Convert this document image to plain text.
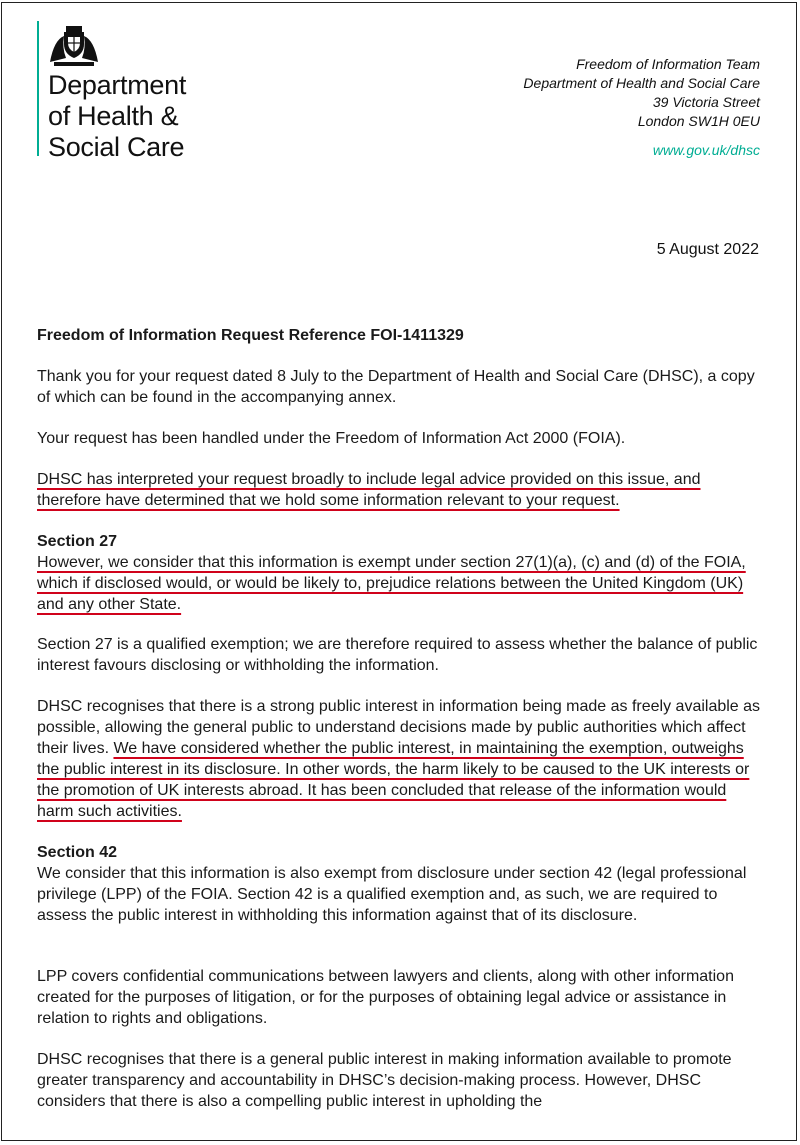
Department
of Health &
Social Care
Freedom of Information Team
Department of Health and Social Care
39 Victoria Street
London SW1H 0EU
www.gov.uk/dhsc
5 August 2022
Freedom of Information Request Reference FOI-1411329

Thank you for your request dated 8 July to the Department of Health and Social Care (DHSC), a copy of which can be found in the accompanying annex.

Your request has been handled under the Freedom of Information Act 2000 (FOIA).

DHSC has interpreted your request broadly to include legal advice provided on this issue, and therefore have determined that we hold some information relevant to your request.

Section 27

However, we consider that this information is exempt under section 27(1)(a), (c) and (d) of the FOIA, which if disclosed would, or would be likely to, prejudice relations between the United Kingdom (UK) and any other State.

Section 27 is a qualified exemption; we are therefore required to assess whether the balance of public interest favours disclosing or withholding the information.

DHSC recognises that there is a strong public interest in information being made as freely available as possible, allowing the general public to understand decisions made by public authorities which affect their lives. We have considered whether the public interest, in maintaining the exemption, outweighs the public interest in its disclosure. In other words, the harm likely to be caused to the UK interests or the promotion of UK interests abroad. It has been concluded that release of the information would harm such activities.

Section 42

We consider that this information is also exempt from disclosure under section 42 (legal professional privilege (LPP) of the FOIA. Section 42 is a qualified exemption and, as such, we are required to assess the public interest in withholding this information against that of its disclosure.

LPP covers confidential communications between lawyers and clients, along with other information created for the purposes of litigation, or for the purposes of obtaining legal advice or assistance in relation to rights and obligations.

DHSC recognises that there is a general public interest in making information available to promote greater transparency and accountability in DHSC’s decision-making process. However, DHSC considers that there is also a compelling public interest in upholding the
